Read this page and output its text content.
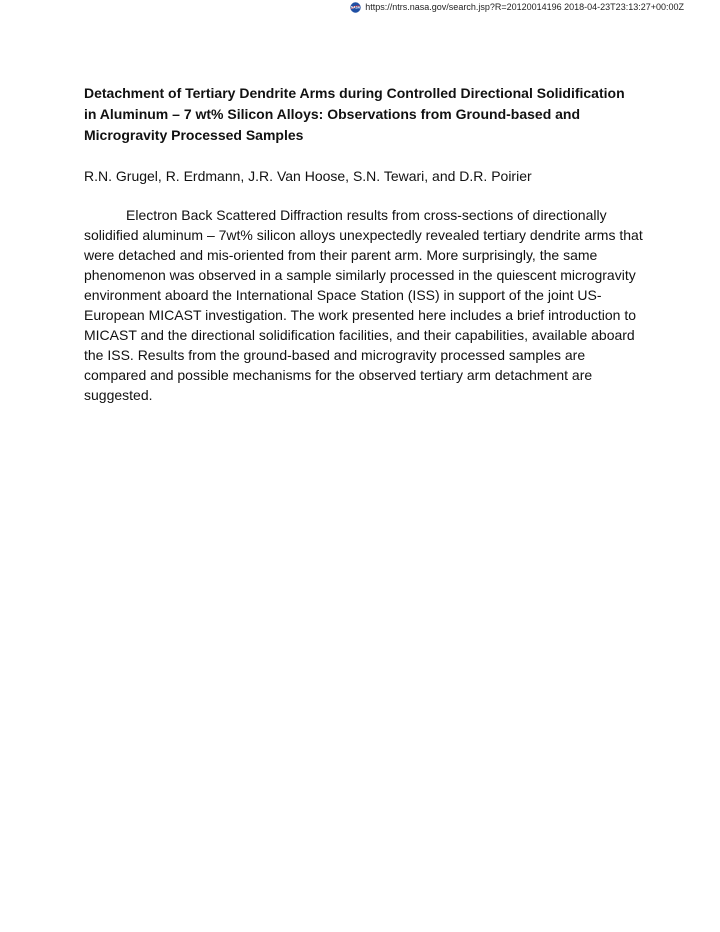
NASA https://ntrs.nasa.gov/search.jsp?R=20120014196 2018-04-23T23:13:27+00:00Z
Detachment of Tertiary Dendrite Arms during Controlled Directional Solidification
in Aluminum – 7 wt% Silicon Alloys: Observations from Ground-based and
Microgravity Processed Samples

R.N. Grugel, R. Erdmann, J.R. Van Hoose, S.N. Tewari, and D.R. Poirier

Electron Back Scattered Diffraction results from cross-sections of directionally solidified aluminum – 7wt% silicon alloys unexpectedly revealed tertiary dendrite arms that were detached and mis-oriented from their parent arm. More surprisingly, the same phenomenon was observed in a sample similarly processed in the quiescent microgravity environment aboard the International Space Station (ISS) in support of the joint US-European MICAST investigation. The work presented here includes a brief introduction to MICAST and the directional solidification facilities, and their capabilities, available aboard the ISS. Results from the ground-based and microgravity processed samples are compared and possible mechanisms for the observed tertiary arm detachment are suggested.
